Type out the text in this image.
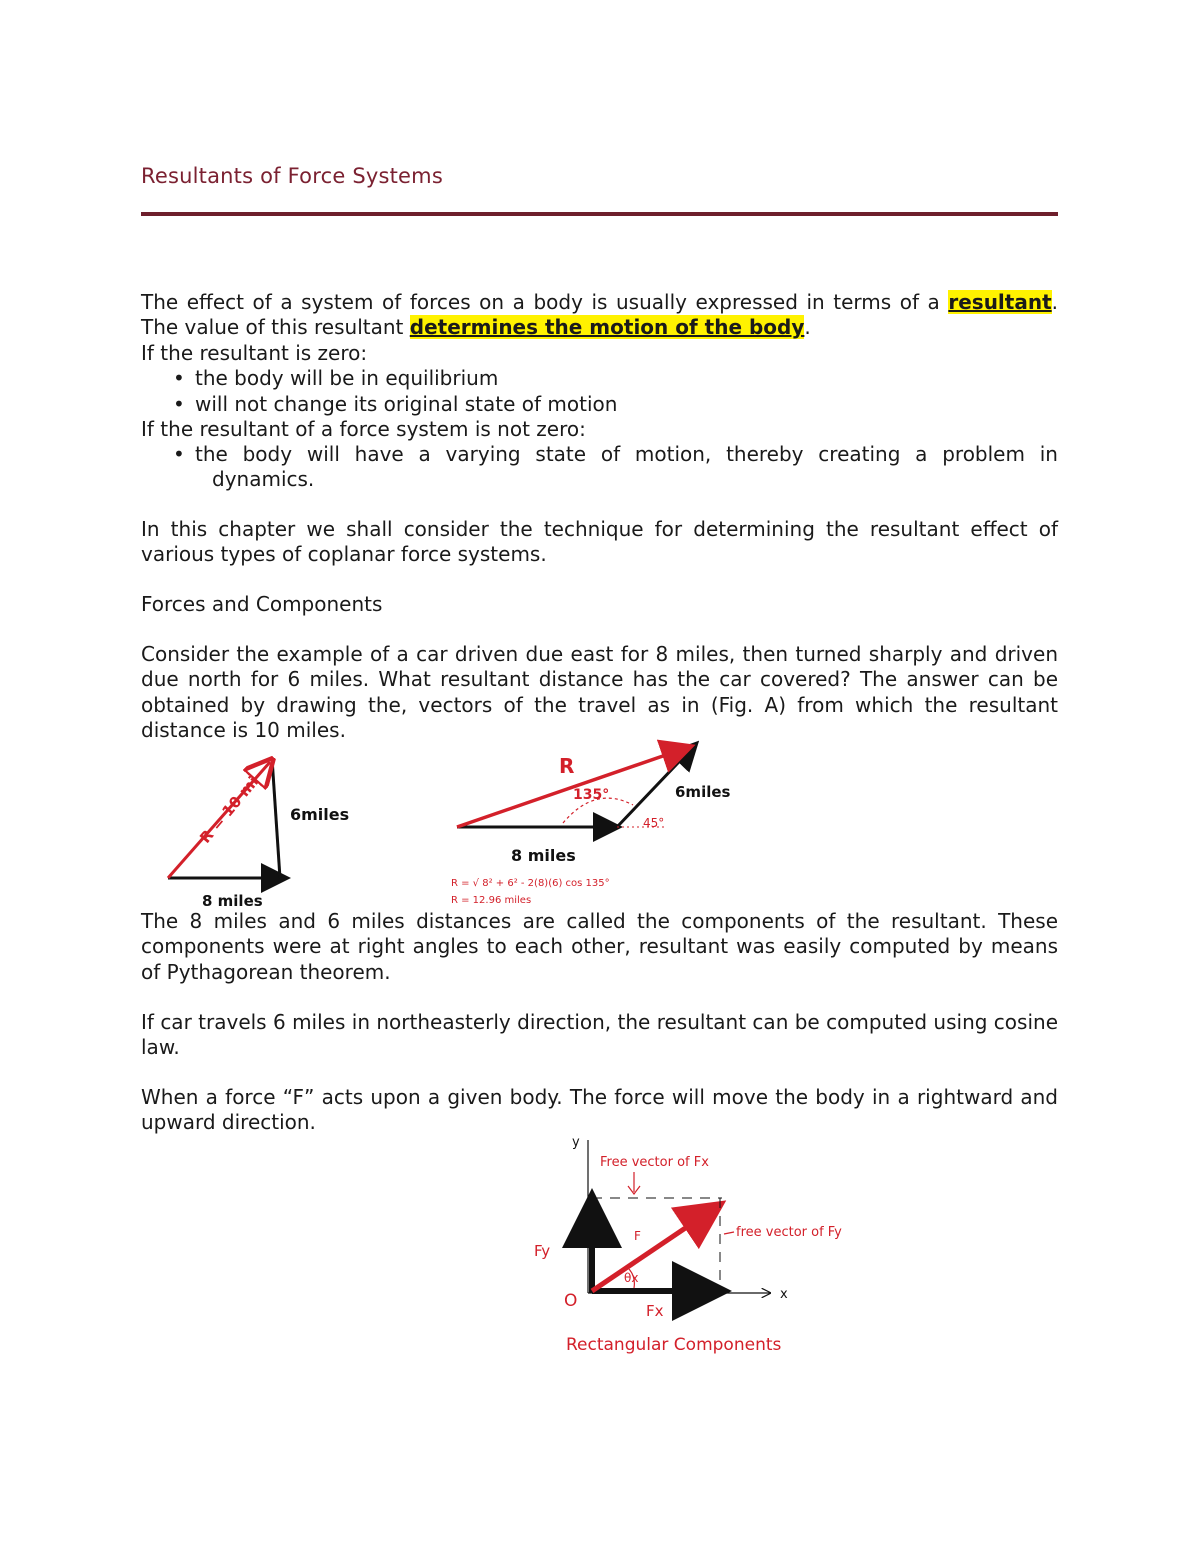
Resultants of Force Systems
The effect of a system of forces on a body is usually expressed in terms of a resultant. The value of this resultant determines the motion of the body.
If the resultant is zero:
• the body will be in equilibrium
• will not change its original state of motion
If the resultant of a force system is not zero:
• the body will have a varying state of motion, thereby creating a problem in
dynamics.
In this chapter we shall consider the technique for determining the resultant effect of various types of coplanar force systems.
Forces and Components
Consider the example of a car driven due east for 8 miles, then turned sharply and driven due north for 6 miles. What resultant distance has the car covered? The answer can be obtained by drawing the, vectors of the travel as in (Fig. A) from which the resultant distance is 10 miles.
R = 10 mi 6miles
8 miles
R
135°	6miles
45°
8 miles
R = √ 8² + 6² - 2(8)(6) cos 135°
R = 12.96 miles
The 8 miles and 6 miles distances are called the components of the resultant. These components were at right angles to each other, resultant was easily computed by means of Pythagorean theorem.
If car travels 6 miles in northeasterly direction, the resultant can be computed using cosine law.
When a force “F” acts upon a given body. The force will move the body in a rightward and upward direction.
y
x
O
Fy
Fx
F
θx
Free vector of Fx
free vector of Fy
Rectangular Components
